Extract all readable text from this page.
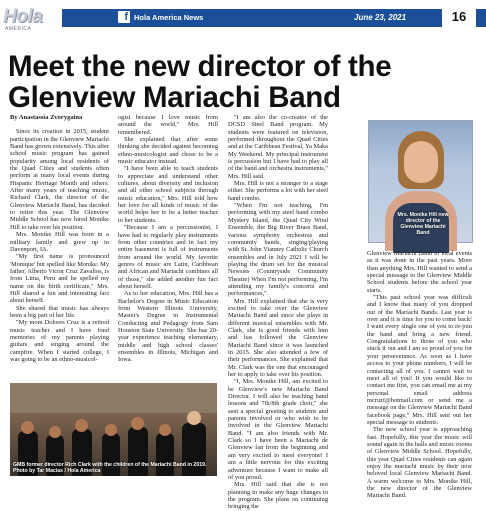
Hola
AMERICA
f Hola America News	June 23, 2021	16
Meet the new director of the Glenview Mariachi Band

By Anastassia Zvorygaina

Since its creation in 2015, student participation in the Glenview Mariachi Band has grown extensively. This after school music program has gained popularity among local residents of the Quad Cities and students often perform at many local events during Hispanic Heritage Month and others. After many years of teaching music, Richard Clark, the director of the Glenview Mariachi Band, has decided to retire this year. The Glenview Middle School has now hired Monike Hill to take over his position.

Mrs. Monike Hill was born in a military family and grew up in Davenport, IA.

"My first name is pronounced 'Monique' but spelled like Monike. My father, Alberto Victor Cruz Zavalios, is from Lima, Peru and he spelled my name on the birth certificate," Mrs. Hill shared a fun and interesting fact about herself.

She shared that music has always been a big part of her life.

"My mom Dolores Cruz is a retired music teacher and I have fond memories of my parents playing guitars and singing around the campfire. When I started college, I was going to be an ethno-musicol-

ogist because I love music from around the world," Mrs. Hill remembered.

She explained that after some thinking she decided against becoming ethno-musicologist and chose to be a music educator instead.

"I have been able to teach students to appreciate and understand other cultures, about diversity and inclusion and all other school subjects through music education," Mrs. Hill told how her love for all kinds of music of the world helps her to be a better teacher to her students.

"Because I am a percussionist, I have had to regularly play instruments from other countries and in fact my entire basement is full of instruments from around the world. My favorite genres of music are Latin, Caribbean and African and Mariachi combines all of those," she added another fun fact about herself.

As to her education, Mrs. Hill has a Bachelor's Degree in Music Education from Western Illinois University, Master's Degree in Instrumental Conducting and Pedagogy from Sam Houston State University. She has 20-year experience teaching elementary, middle and high school classes' ensembles in Illinois, Michigan and Iowa.

"I am also the co-creator of the DCSD Steel Band program. My students were featured on television, performed throughout the Quad Cities and at the Caribbean Festival, Ya Maka My Weekend. My principal instrument is percussion but I have had to play all of the band and orchestra instruments," Mrs. Hill said.

Mrs. Hill is not a stranger to a stage either. She performs a lot with her steel band combo.

"When I'm not teaching, I'm performing with my steel band combo Mystery Island, the Quad City Wind Ensemble, the Big River Brass Band, various symphony orchestras and community bands, singing/playing with St. John Vianney Catholic Church ensembles and in July 2021 I will be playing the drum set for the musical Newsies (Countryside Community Theatre) When I'm not performing, I'm attending my family's concerts and performances,".

Mrs. Hill explained that she is very excited to take over the Glenview Mariachi Band and since she plays in different musical ensembles with Mr. Clark, she is good friends with him and has followed the Glenview Mariachi Band since it was launched in 2015. She also attended a few of their performances. She explained that Mr. Clark was the one that encouraged her to apply to take over his position.

"I, Mrs. Monike Hill, am excited to be Glenview's new Mariachi Band Director. I will also be teaching band lessons and 7th/8th grade choir," she sent a special greeting to students and parents involved or who wish to be involved in the Glenview Mariachi Band. "I am also friends with Mr. Clark so I have been a Mariachi de Glenview fan from the beginning and am very excited to meet everyone! I am a little nervous for this exciting adventure because I want to make all of you proud.

Mrs. Hill said that she is not planning to make any huge changes to the program. She plans on continuing bringing the

Mrs. Monike Hill new director of the Glenview Mariachi Band

Glenview Mariachi Band to local events as it was done in the past years. More than anything Mrs. Hill wanted to send a special message to the Glenview Middle School students before the school year starts.

"This past school year was difficult and I know that many of you dropped out of the Mariachi Bands. Last year is over and it is time for you to come back! I want every single one of you to re-join the band and bring a new friend. Congratulations to those of you who stuck it out and I am so proud of you for your perseverance. As soon as I have access to your phone numbers, I will be contacting all of you. I cannot wait to meet all of you! If you would like to contact me first, you can email me at my personal email address mcruzf@hotmail.com or send me a message on the Glenview Mariachi Band facebook page," Mrs. Hill sent out her special message to students.

The new school year is approaching fast. Hopefully, this year the music will sound again in the halls and music rooms of Glenview Middle School. Hopefully, this year Quad Cities residents can again enjoy the mariachi music by their now beloved local Glenview Mariachi Band. A warm welcome to Mrs. Monike Hill, the new director of the Glenview Mariachi Band.

GMB former director Rich Clark with the children of the Mariachi Band in 2019. Photo by Tar Macias / Hola America
